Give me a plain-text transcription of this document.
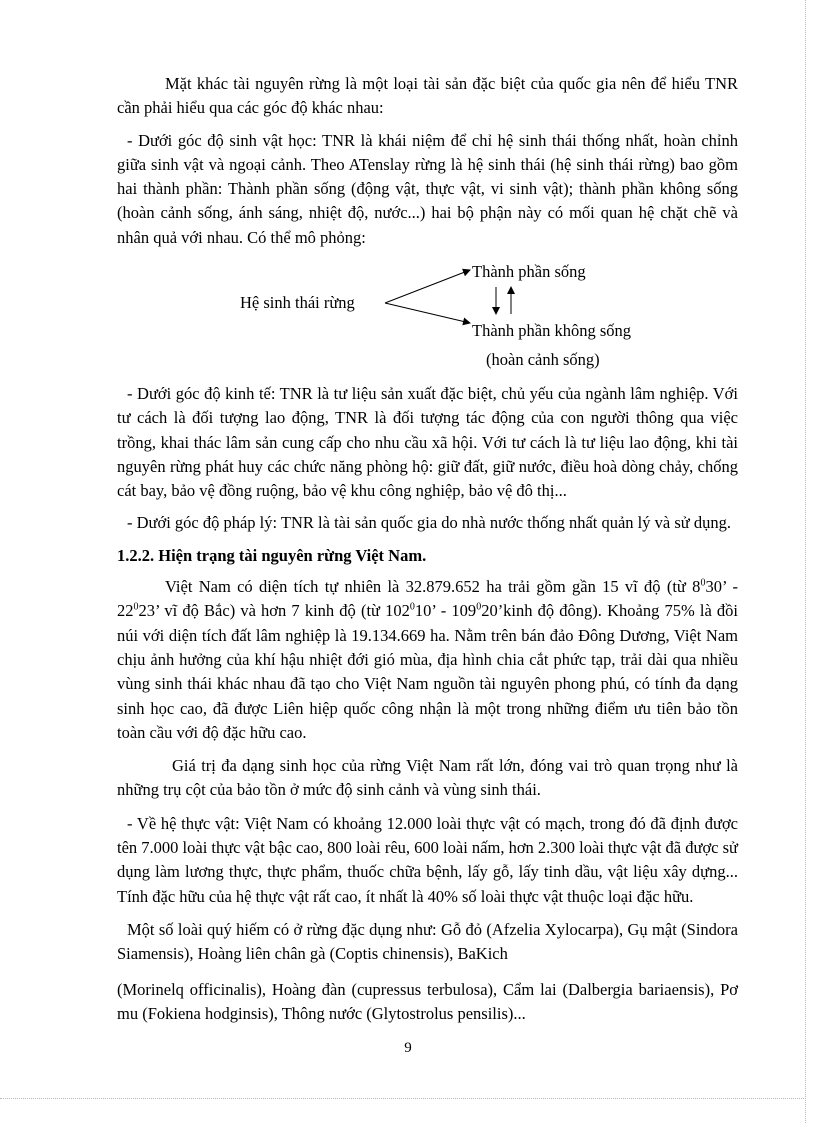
Mặt khác tài nguyên rừng là một loại tài sản đặc biệt của quốc gia nên để hiểu TNR cần phải hiểu qua các góc độ khác nhau:

- Dưới góc độ sinh vật học: TNR là khái niệm để chỉ hệ sinh thái thống nhất, hoàn chỉnh giữa sinh vật và ngoại cảnh. Theo ATenslay rừng là hệ sinh thái (hệ sinh thái rừng) bao gồm hai thành phần: Thành phần sống (động vật, thực vật, vi sinh vật); thành phần không sống (hoàn cảnh sống, ánh sáng, nhiệt độ, nước...) hai bộ phận này có mối quan hệ chặt chẽ và nhân quả với nhau. Có thể mô phỏng:

Hệ sinh thái rừng
Thành phần sống
Thành phần không sống
(hoàn cảnh sống)

- Dưới góc độ kinh tế: TNR là tư liệu sản xuất đặc biệt, chủ yếu của ngành lâm nghiệp. Với tư cách là đối tượng lao động, TNR là đối tượng tác động của con người thông qua việc trồng, khai thác lâm sản cung cấp cho nhu cầu xã hội. Với tư cách là tư liệu lao động, khi tài nguyên rừng phát huy các chức năng phòng hộ: giữ đất, giữ nước, điều hoà dòng chảy, chống cát bay, bảo vệ đồng ruộng, bảo vệ khu công nghiệp, bảo vệ đô thị...

- Dưới góc độ pháp lý: TNR là tài sản quốc gia do nhà nước thống nhất quản lý và sử dụng.

1.2.2. Hiện trạng tài nguyên rừng Việt Nam.

Việt Nam có diện tích tự nhiên là 32.879.652 ha trải gồm gần 15 vĩ độ (từ $8^030$’ - $22^023$’ vĩ độ Bắc) và hơn 7 kinh độ (từ $102^010$’ - $109^020’kinh$ độ đông). Khoảng 75% là đồi núi với diện tích đất lâm nghiệp là 19.134.669 ha. Nằm trên bán đảo Đông Dương, Việt Nam chịu ảnh hưởng của khí hậu nhiệt đới gió mùa, địa hình chia cắt phức tạp, trải dài qua nhiều vùng sinh thái khác nhau đã tạo cho Việt Nam nguồn tài nguyên phong phú, có tính đa dạng sinh học cao, đã được Liên hiệp quốc công nhận là một trong những điểm ưu tiên bảo tồn toàn cầu với độ đặc hữu cao.

Giá trị đa dạng sinh học của rừng Việt Nam rất lớn, đóng vai trò quan trọng như là những trụ cột của bảo tồn ở mức độ sinh cảnh và vùng sinh thái.

- Về hệ thực vật: Việt Nam có khoảng 12.000 loài thực vật có mạch, trong đó đã định được tên 7.000 loài thực vật bậc cao, 800 loài rêu, 600 loài nấm, hơn 2.300 loài thực vật đã được sử dụng làm lương thực, thực phẩm, thuốc chữa bệnh, lấy gỗ, lấy tinh dầu, vật liệu xây dựng... Tính đặc hữu của hệ thực vật rất cao, ít nhất là 40% số loài thực vật thuộc loại đặc hữu.

Một số loài quý hiếm có ở rừng đặc dụng như: Gỗ đỏ (Afzelia Xylocarpa), Gụ mật (Sindora Siamensis), Hoàng liên chân gà (Coptis chinensis), BaKich

(Morinelq officinalis), Hoàng đàn (cupressus terbulosa), Cẩm lai (Dalbergia bariaensis), Pơ mu (Fokiena hodginsis), Thông nước (Glytostrolus pensilis)...

9
